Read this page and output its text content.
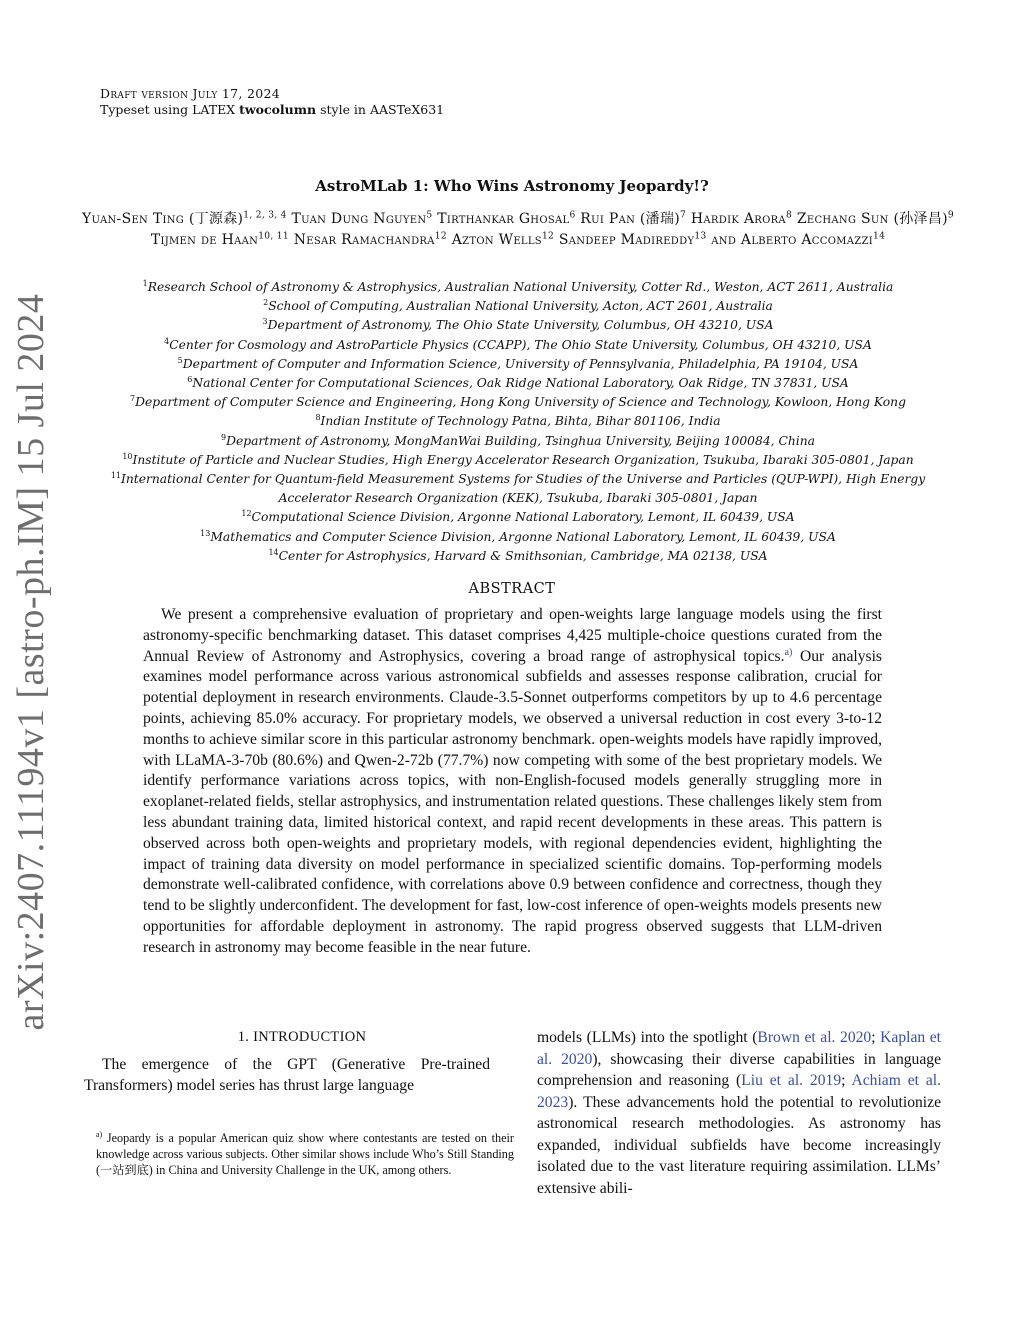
arXiv:2407.11194v1 [astro-ph.IM] 15 Jul 2024
Draft version July 17, 2024
Typeset using LATEX twocolumn style in AASTeX631
AstroMLab 1: Who Wins Astronomy Jeopardy!?
Yuan-Sen Ting (丁源森)$^{1, 2, 3, 4}$ Tuan Dung Nguyen$^5$ Tirthankar Ghosal$^6$ Rui Pan (潘瑞)$^7$ Hardik Arora$^8$ Zechang Sun (孙泽昌)$^9$ Tijmen de Haan$^{10, 11}$ Nesar Ramachandra$^{12}$ Azton Wells$^{12}$ Sandeep Madireddy$^{13}$ and Alberto Accomazzi$^{14}$
$^1$Research School of Astronomy & Astrophysics, Australian National University, Cotter Rd., Weston, ACT 2611, Australia
$^2$School of Computing, Australian National University, Acton, ACT 2601, Australia
$^3$Department of Astronomy, The Ohio State University, Columbus, OH 43210, USA
$^4$Center for Cosmology and AstroParticle Physics (CCAPP), The Ohio State University, Columbus, OH 43210, USA
$^5$Department of Computer and Information Science, University of Pennsylvania, Philadelphia, PA 19104, USA
$^6$National Center for Computational Sciences, Oak Ridge National Laboratory, Oak Ridge, TN 37831, USA
$^7$Department of Computer Science and Engineering, Hong Kong University of Science and Technology, Kowloon, Hong Kong
$^8$Indian Institute of Technology Patna, Bihta, Bihar 801106, India
$^9$Department of Astronomy, MongManWai Building, Tsinghua University, Beijing 100084, China
$^{10}$Institute of Particle and Nuclear Studies, High Energy Accelerator Research Organization, Tsukuba, Ibaraki 305-0801, Japan
$^{11}$International Center for Quantum-field Measurement Systems for Studies of the Universe and Particles (QUP-WPI), High Energy Accelerator Research Organization (KEK), Tsukuba, Ibaraki 305-0801, Japan
$^{12}$Computational Science Division, Argonne National Laboratory, Lemont, IL 60439, USA
$^{13}$Mathematics and Computer Science Division, Argonne National Laboratory, Lemont, IL 60439, USA
$^{14}$Center for Astrophysics, Harvard & Smithsonian, Cambridge, MA 02138, USA
ABSTRACT
We present a comprehensive evaluation of proprietary and open-weights large language models using the first astronomy-specific benchmarking dataset. This dataset comprises 4,425 multiple-choice questions curated from the Annual Review of Astronomy and Astrophysics, covering a broad range of astrophysical topics.$^{a)}$ Our analysis examines model performance across various astronomical subfields and assesses response calibration, crucial for potential deployment in research environments. Claude-3.5-Sonnet outperforms competitors by up to 4.6 percentage points, achieving 85.0% accuracy. For proprietary models, we observed a universal reduction in cost every 3-to-12 months to achieve similar score in this particular astronomy benchmark. open-weights models have rapidly improved, with LLaMA-3-70b (80.6%) and Qwen-2-72b (77.7%) now competing with some of the best proprietary models. We identify performance variations across topics, with non-English-focused models generally struggling more in exoplanet-related fields, stellar astrophysics, and instrumentation related questions. These challenges likely stem from less abundant training data, limited historical context, and rapid recent developments in these areas. This pattern is observed across both open-weights and proprietary models, with regional dependencies evident, highlighting the impact of training data diversity on model performance in specialized scientific domains. Top-performing models demonstrate well-calibrated confidence, with correlations above 0.9 between confidence and correctness, though they tend to be slightly underconfident. The development for fast, low-cost inference of open-weights models presents new opportunities for affordable deployment in astronomy. The rapid progress observed suggests that LLM-driven research in astronomy may become feasible in the near future.
1. INTRODUCTION

The emergence of the GPT (Generative Pre-trained Transformers) model series has thrust large language

$^{a)}$ Jeopardy is a popular American quiz show where contestants are tested on their knowledge across various subjects. Other similar shows include Who’s Still Standing (一站到底) in China and University Challenge in the UK, among others.
models (LLMs) into the spotlight (Brown et al. 2020; Kaplan et al. 2020), showcasing their diverse capabilities in language comprehension and reasoning (Liu et al. 2019; Achiam et al. 2023). These advancements hold the potential to revolutionize astronomical research methodologies. As astronomy has expanded, individual subfields have become increasingly isolated due to the vast literature requiring assimilation. LLMs’ extensive abili-
